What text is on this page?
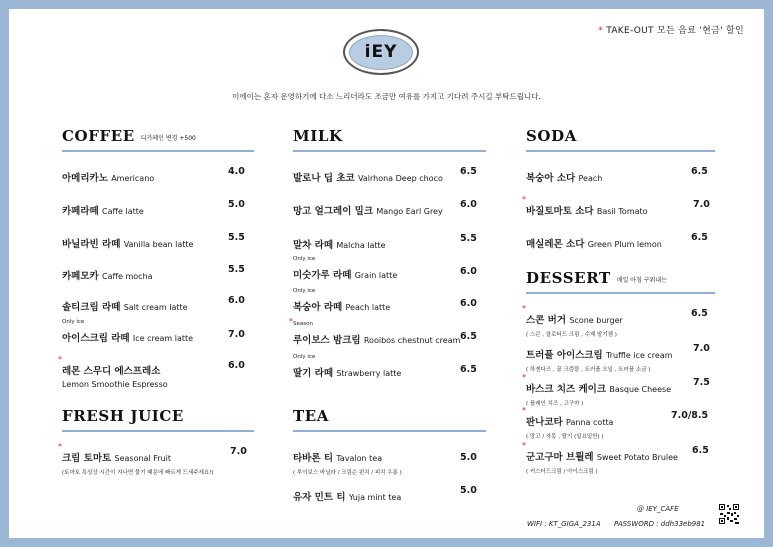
* TAKE-OUT 모든 음료 '현금' 할인
iEY
이에이는 혼자 운영하기에 다소 느리더라도 조금만 여유를 가지고 기다려 주시길 부탁드립니다.
COFFEE 디카페인 변경 +500
아메리카노 Americano
4.0
카페라떼 Caffe latte
5.0
바닐라빈 라떼 Vanilla bean latte
5.5
카페모카 Caffe mocha
5.5
솔티크림 라떼 Salt cream latte
6.0
Only ice
아이스크림 라떼 Ice cream latte	7.0
*
레몬 스무디 에스프레소
Lemon Smoothie Espresso
6.0
FRESH JUICE
*
크림 토마토 Seasonal Fruit
(토마토 특성상 시간이 지나면 물기 때문에 빠르게 드세주세요!)
7.0
MILK
발로나 딥 초코 Valrhona Deep choco
6.5
망고 얼그레이 밀크 Mango Earl Grey
6.0
말차 라떼 Malcha latte
5.5
Only ice
미숫가루 라떼 Grain latte	6.0
Only ice
복숭아 라떼 Peach latte	6.0
* Season
루이보스 밤크림 Rooibos chestnut cream 6.5
Only ice
딸기 라떼 Strawberry latte	6.5
TEA
타바론 티 Tavalon tea
( 루이보스 바닐라 / 크림슨 펀치 / 피치 우롱 )
5.0
유자 민트 티 Yuja mint tea
5.0
SODA
복숭아 소다 Peach
6.5
*
바질토마토 소다 Basil Tomato
7.0
매실레몬 소다 Green Plum lemon
6.5
DESSERT 매일 아침 구워내는
*
스콘 버거 Scone burger
( 스콘 , 클로티드 크림 , 수제 딸기잼 )
6.5
트러플 아이스크림 Truffle ice cream
( 하겐다즈 , 꿀 크럼블 , 트러플 오일 , 트러플 소금 )
7.0
*
바스크 치즈 케이크 Basque Cheese
( 플레인 치즈 , 고구마 )
7.5
*
판나코타 Panna cotta
( 망고 / 자몽 , 딸기 (일요일만) )
7.0/8.5
*
군고구마 브륄레 Sweet Potato Brulee
( 커스터드크림 / 아이스크림 )
6.5
@ IEY_CAFE
WIFI : KT_GIGA_231A PASSWORD : ddh33eb981
